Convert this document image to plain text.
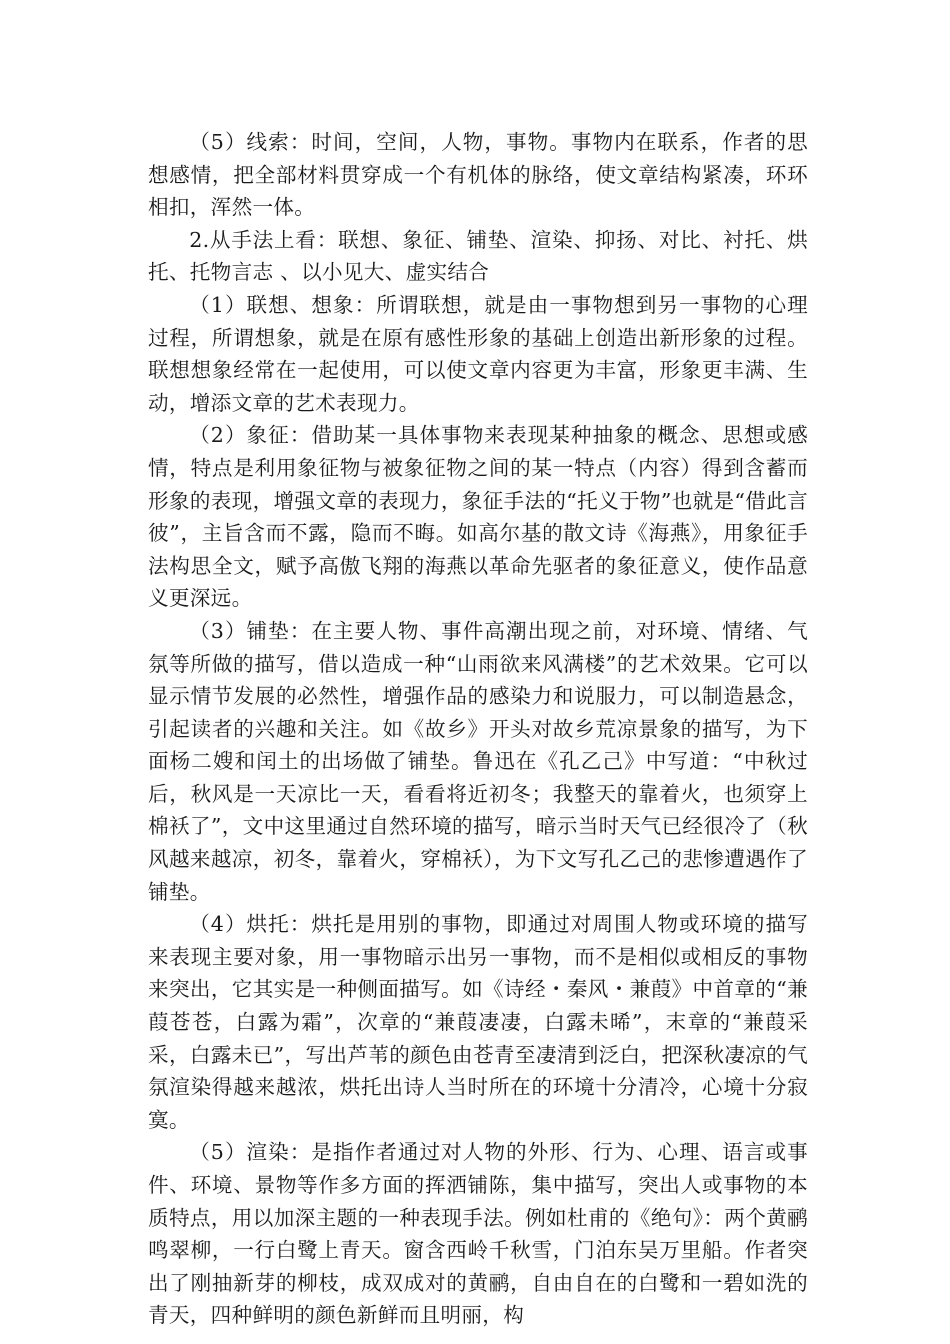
（5）线索：时间，空间，人物，事物。事物内在联系，作者的思想感情，把全部材料贯穿成一个有机体的脉络，使文章结构紧凑，环环相扣，浑然一体。

2.从手法上看：联想、象征、铺垫、渲染、抑扬、对比、衬托、烘托、托物言志 、以小见大、虚实结合

（1）联想、想象：所谓联想，就是由一事物想到另一事物的心理过程，所谓想象，就是在原有感性形象的基础上创造出新形象的过程。联想想象经常在一起使用，可以使文章内容更为丰富，形象更丰满、生动，增添文章的艺术表现力。

（2）象征：借助某一具体事物来表现某种抽象的概念、思想或感情，特点是利用象征物与被象征物之间的某一特点（内容）得到含蓄而形象的表现，增强文章的表现力，象征手法的“托义于物”也就是“借此言彼”，主旨含而不露，隐而不晦。如高尔基的散文诗《海燕》，用象征手法构思全文，赋予高傲飞翔的海燕以革命先驱者的象征意义，使作品意义更深远。

（3）铺垫：在主要人物、事件高潮出现之前，对环境、情绪、气氛等所做的描写，借以造成一种“山雨欲来风满楼”的艺术效果。它可以显示情节发展的必然性，增强作品的感染力和说服力，可以制造悬念，引起读者的兴趣和关注。如《故乡》开头对故乡荒凉景象的描写，为下面杨二嫂和闰土的出场做了铺垫。鲁迅在《孔乙己》中写道：“中秋过后，秋风是一天凉比一天，看看将近初冬；我整天的靠着火，也须穿上棉袄了”，文中这里通过自然环境的描写，暗示当时天气已经很冷了（秋风越来越凉，初冬，靠着火，穿棉袄），为下文写孔乙己的悲惨遭遇作了铺垫。

（4）烘托：烘托是用别的事物，即通过对周围人物或环境的描写来表现主要对象，用一事物暗示出另一事物，而不是相似或相反的事物来突出，它其实是一种侧面描写。如《诗经・秦风・兼葭》中首章的“兼葭苍苍，白露为霜”，次章的“兼葭凄凄，白露未晞”，末章的“兼葭采采，白露未已”，写出芦苇的颜色由苍青至凄清到泛白，把深秋凄凉的气氛渲染得越来越浓，烘托出诗人当时所在的环境十分清冷，心境十分寂寞。

（5）渲染：是指作者通过对人物的外形、行为、心理、语言或事件、环境、景物等作多方面的挥洒铺陈，集中描写，突出人或事物的本质特点，用以加深主题的一种表现手法。例如杜甫的《绝句》：两个黄鹂鸣翠柳，一行白鹭上青天。窗含西岭千秋雪，门泊东吴万里船。作者突出了刚抽新芽的柳枝，成双成对的黄鹂，自由自在的白鹭和一碧如洗的青天，四种鲜明的颜色新鲜而且明丽，构
